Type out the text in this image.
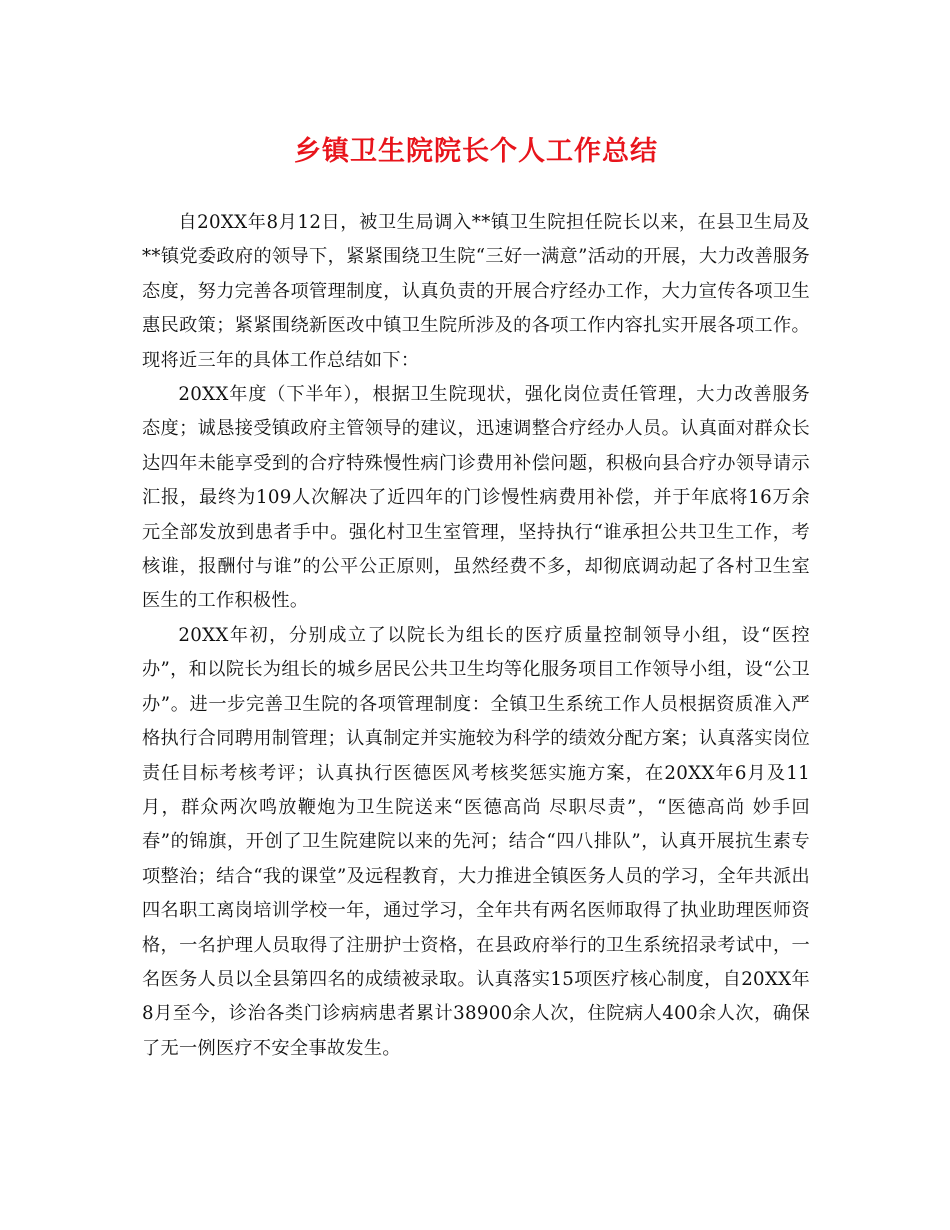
乡镇卫生院院长个人工作总结

自20XX年8月12日，被卫生局调入**镇卫生院担任院长以来，在县卫生局及**镇党委政府的领导下，紧紧围绕卫生院“三好一满意”活动的开展，大力改善服务态度，努力完善各项管理制度，认真负责的开展合疗经办工作，大力宣传各项卫生惠民政策；紧紧围绕新医改中镇卫生院所涉及的各项工作内容扎实开展各项工作。现将近三年的具体工作总结如下：

20XX年度（下半年），根据卫生院现状，强化岗位责任管理，大力改善服务态度；诚恳接受镇政府主管领导的建议，迅速调整合疗经办人员。认真面对群众长达四年未能享受到的合疗特殊慢性病门诊费用补偿问题，积极向县合疗办领导请示汇报，最终为109人次解决了近四年的门诊慢性病费用补偿，并于年底将16万余元全部发放到患者手中。强化村卫生室管理，坚持执行“谁承担公共卫生工作，考核谁，报酬付与谁”的公平公正原则，虽然经费不多，却彻底调动起了各村卫生室医生的工作积极性。

20XX年初，分别成立了以院长为组长的医疗质量控制领导小组，设“医控办”，和以院长为组长的城乡居民公共卫生均等化服务项目工作领导小组，设“公卫办”。进一步完善卫生院的各项管理制度：全镇卫生系统工作人员根据资质准入严格执行合同聘用制管理；认真制定并实施较为科学的绩效分配方案；认真落实岗位责任目标考核考评；认真执行医德医风考核奖惩实施方案，在20XX年6月及11月，群众两次鸣放鞭炮为卫生院送来“医德高尚 尽职尽责”，“医德高尚 妙手回春”的锦旗，开创了卫生院建院以来的先河；结合“四八排队”，认真开展抗生素专项整治；结合“我的课堂”及远程教育，大力推进全镇医务人员的学习，全年共派出四名职工离岗培训学校一年，通过学习，全年共有两名医师取得了执业助理医师资格，一名护理人员取得了注册护士资格，在县政府举行的卫生系统招录考试中，一名医务人员以全县第四名的成绩被录取。认真落实15项医疗核心制度，自20XX年8月至今，诊治各类门诊病病患者累计38900余人次，住院病人400余人次，确保了无一例医疗不安全事故发生。
